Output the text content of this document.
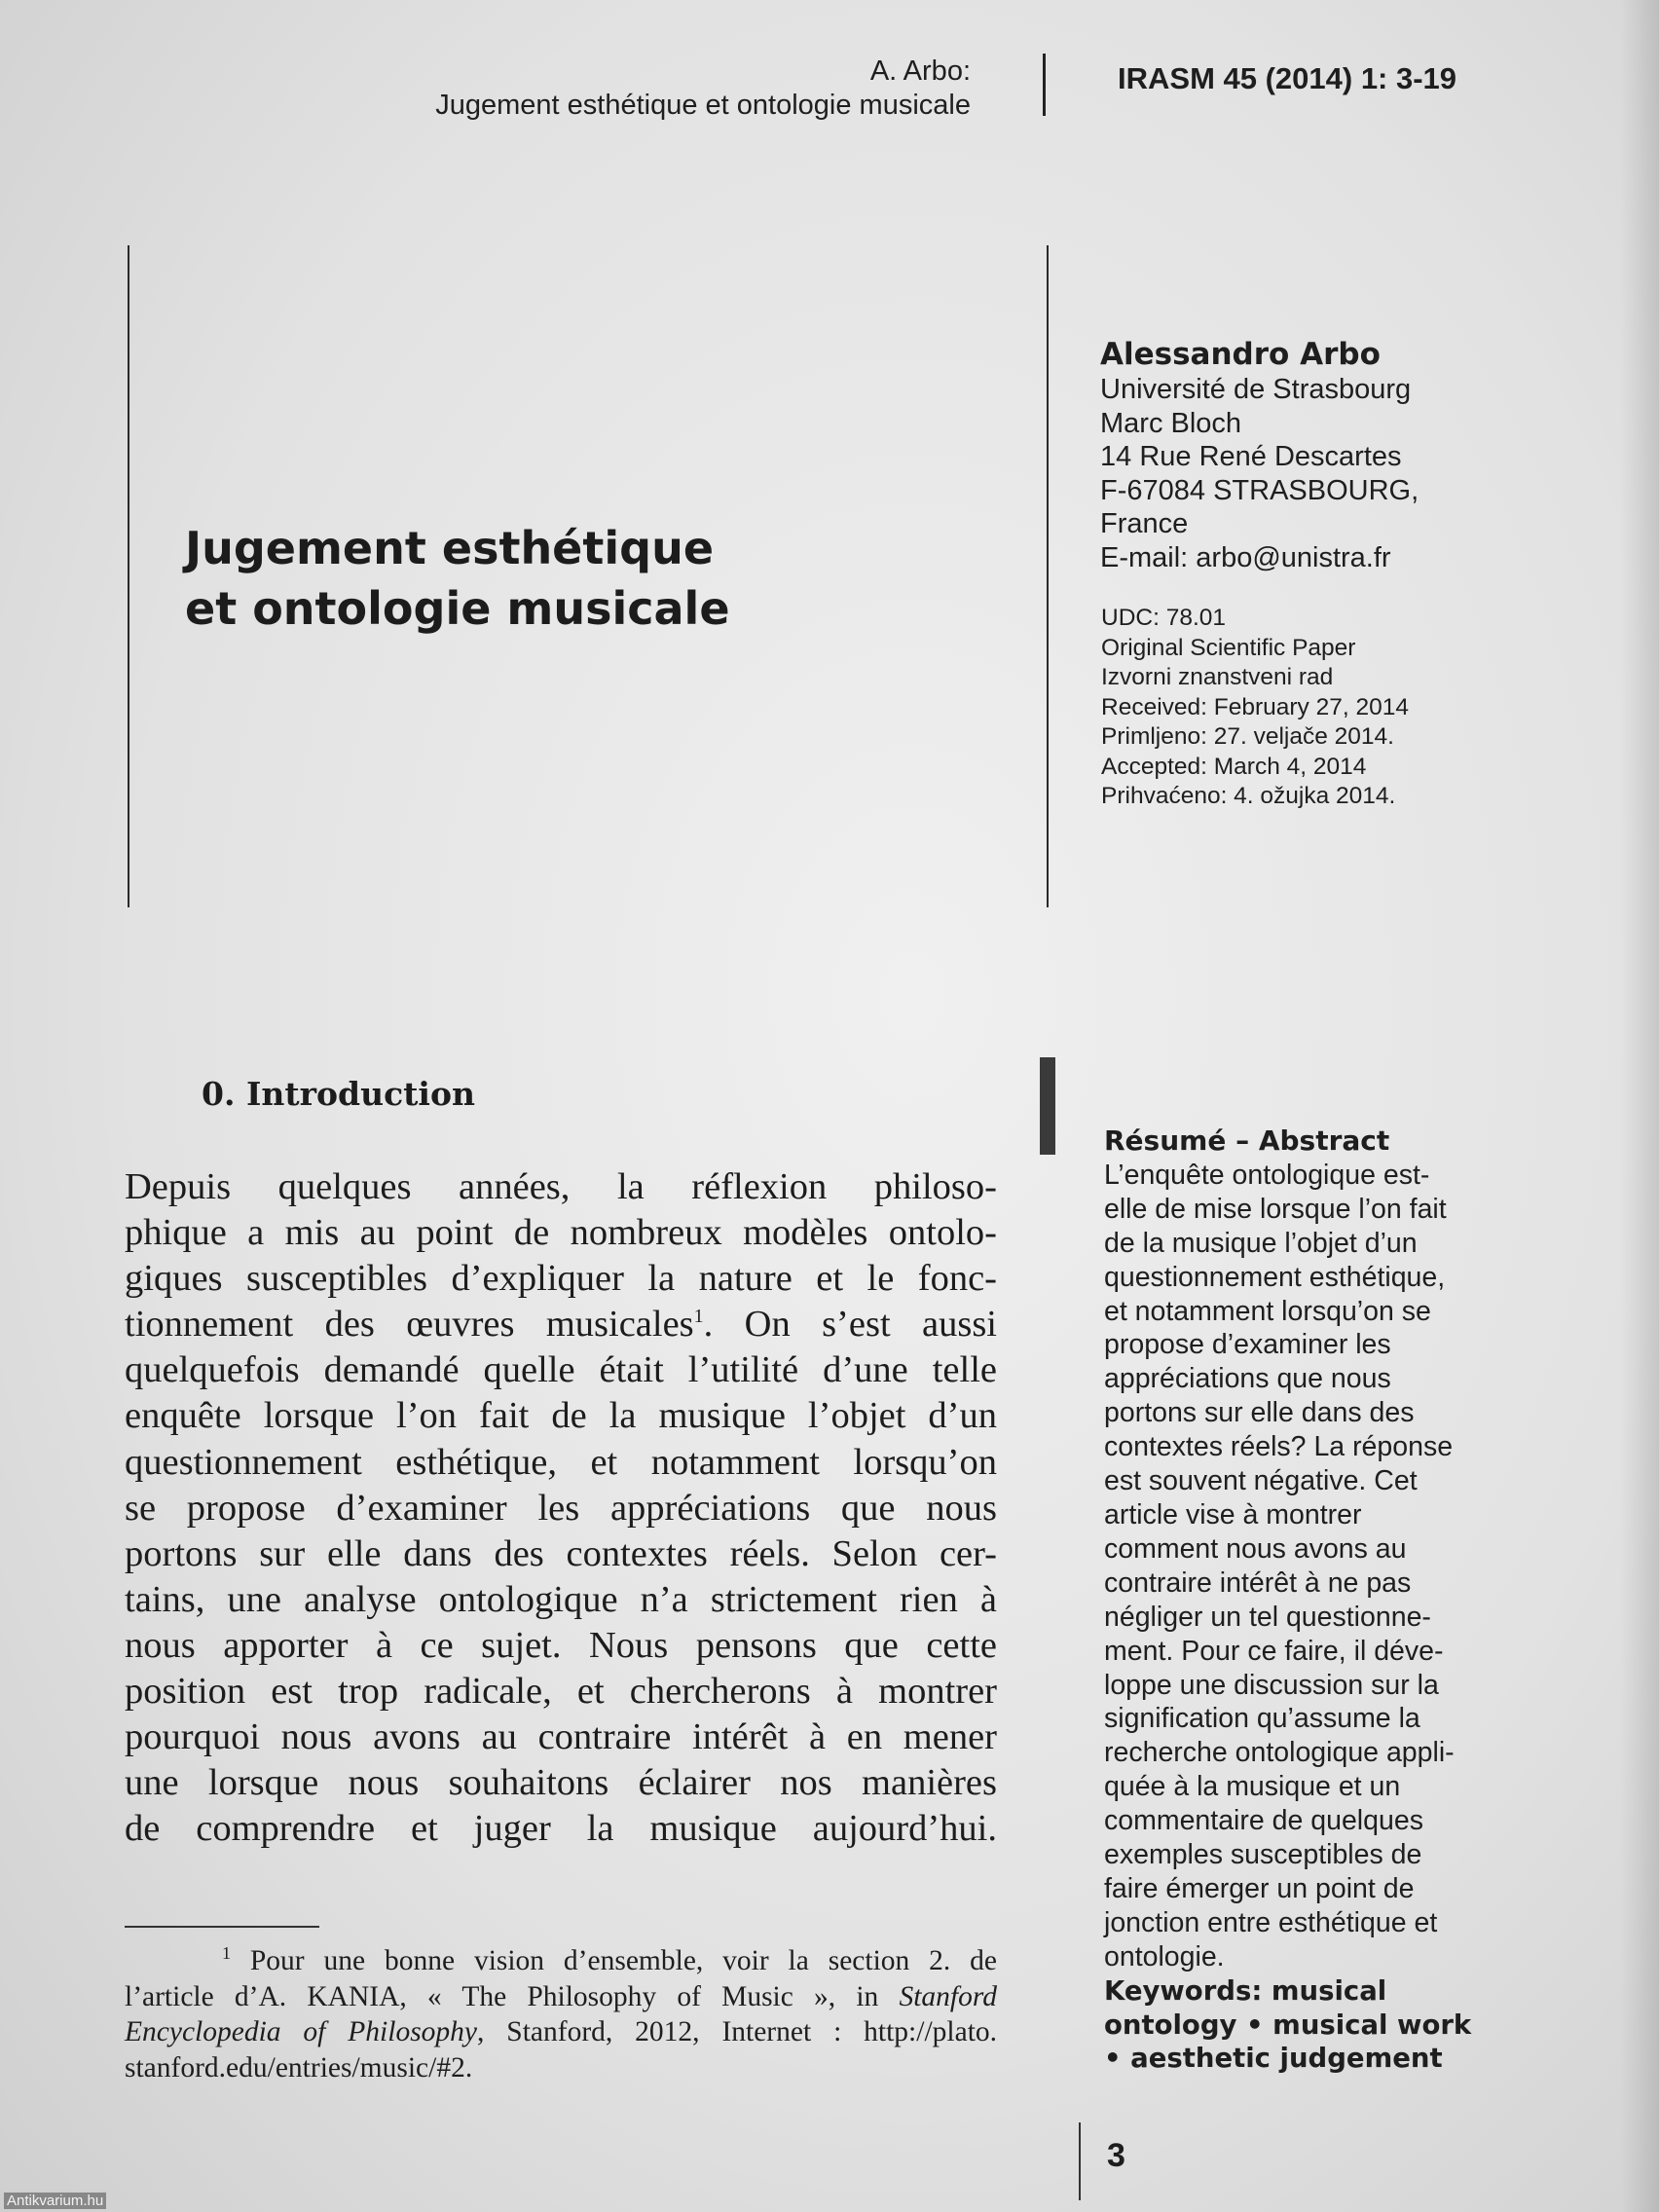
A. Arbo:
Jugement esthétique et ontologie musicale
IRASM 45 (2014) 1: 3-19
Jugement esthétique
et ontologie musicale
Alessandro Arbo
Université de Strasbourg
Marc Bloch
14 Rue René Descartes
F-67084 STRASBOURG,
France
E-mail: arbo@unistra.fr
UDC: 78.01
Original Scientific Paper
Izvorni znanstveni rad
Received: February 27, 2014
Primljeno: 27. veljače 2014.
Accepted: March 4, 2014
Prihvaćeno: 4. ožujka 2014.
0. Introduction

Depuis quelques années, la réflexion philoso-
phique a mis au point de nombreux modèles ontolo-
giques susceptibles d’expliquer la nature et le fonc-
tionnement des œuvres musicales$^1$. On s’est aussi
quelquefois demandé quelle était l’utilité d’une telle
enquête lorsque l’on fait de la musique l’objet d’un
questionnement esthétique, et notamment lorsqu’on
se propose d’examiner les appréciations que nous
portons sur elle dans des contextes réels. Selon cer-
tains, une analyse ontologique n’a strictement rien à
nous apporter à ce sujet. Nous pensons que cette
position est trop radicale, et chercherons à montrer
pourquoi nous avons au contraire intérêt à en mener
une lorsque nous souhaitons éclairer nos manières
de comprendre et juger la musique aujourd’hui.

$^1$ Pour une bonne vision d’ensemble, voir la section 2. de
l’article d’A. KANIA, « The Philosophy of Music », in Stanford
Encyclopedia of Philosophy, Stanford, 2012, Internet : http://plato.
stanford.edu/entries/music/#2.

Résumé – Abstract
L’enquête ontologique est-
elle de mise lorsque l’on fait
de la musique l’objet d’un
questionnement esthétique,
et notamment lorsqu’on se
propose d’examiner les
appréciations que nous
portons sur elle dans des
contextes réels? La réponse
est souvent négative. Cet
article vise à montrer
comment nous avons au
contraire intérêt à ne pas
négliger un tel questionne-
ment. Pour ce faire, il déve-
loppe une discussion sur la
signification qu’assume la
recherche ontologique appli-
quée à la musique et un
commentaire de quelques
exemples susceptibles de
faire émerger un point de
jonction entre esthétique et
ontologie.
Keywords: musical
ontology • musical work
• aesthetic judgement
3
Antikvarium.hu
